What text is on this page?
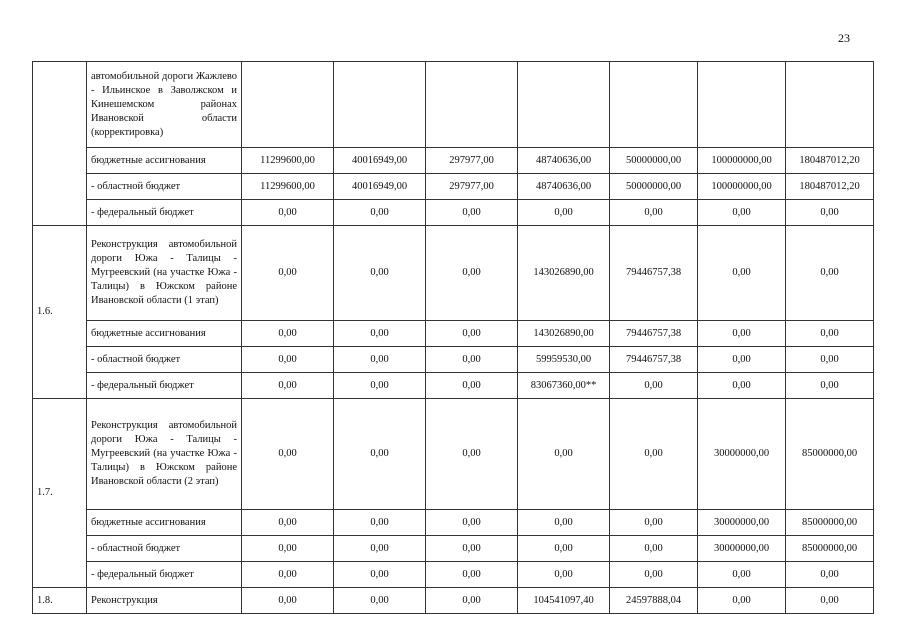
23
	автомобильной дороги Жажлево - Ильинское в Заволжском и Кинешемском районах Ивановской области (корректировка)							
	бюджетные ассигнования	11299600,00	40016949,00	297977,00	48740636,00	50000000,00	100000000,00	180487012,20
	- областной бюджет	11299600,00	40016949,00	297977,00	48740636,00	50000000,00	100000000,00	180487012,20
	- федеральный бюджет	0,00	0,00	0,00	0,00	0,00	0,00	0,00
1.6.	Реконструкция автомобильной дороги Южа - Талицы - Мугреевский (на участке Южа - Талицы) в Южском районе Ивановской области (1 этап)	0,00	0,00	0,00	143026890,00	79446757,38	0,00	0,00
	бюджетные ассигнования	0,00	0,00	0,00	143026890,00	79446757,38	0,00	0,00
	- областной бюджет	0,00	0,00	0,00	59959530,00	79446757,38	0,00	0,00
	- федеральный бюджет	0,00	0,00	0,00	83067360,00**	0,00	0,00	0,00
1.7.	Реконструкция автомобильной дороги Южа - Талицы - Мугреевский (на участке Южа - Талицы) в Южском районе Ивановской области (2 этап)	0,00	0,00	0,00	0,00	0,00	30000000,00	85000000,00
	бюджетные ассигнования	0,00	0,00	0,00	0,00	0,00	30000000,00	85000000,00
	- областной бюджет	0,00	0,00	0,00	0,00	0,00	30000000,00	85000000,00
	- федеральный бюджет	0,00	0,00	0,00	0,00	0,00	0,00	0,00
1.8.	Реконструкция	0,00	0,00	0,00	104541097,40	24597888,04	0,00	0,00
